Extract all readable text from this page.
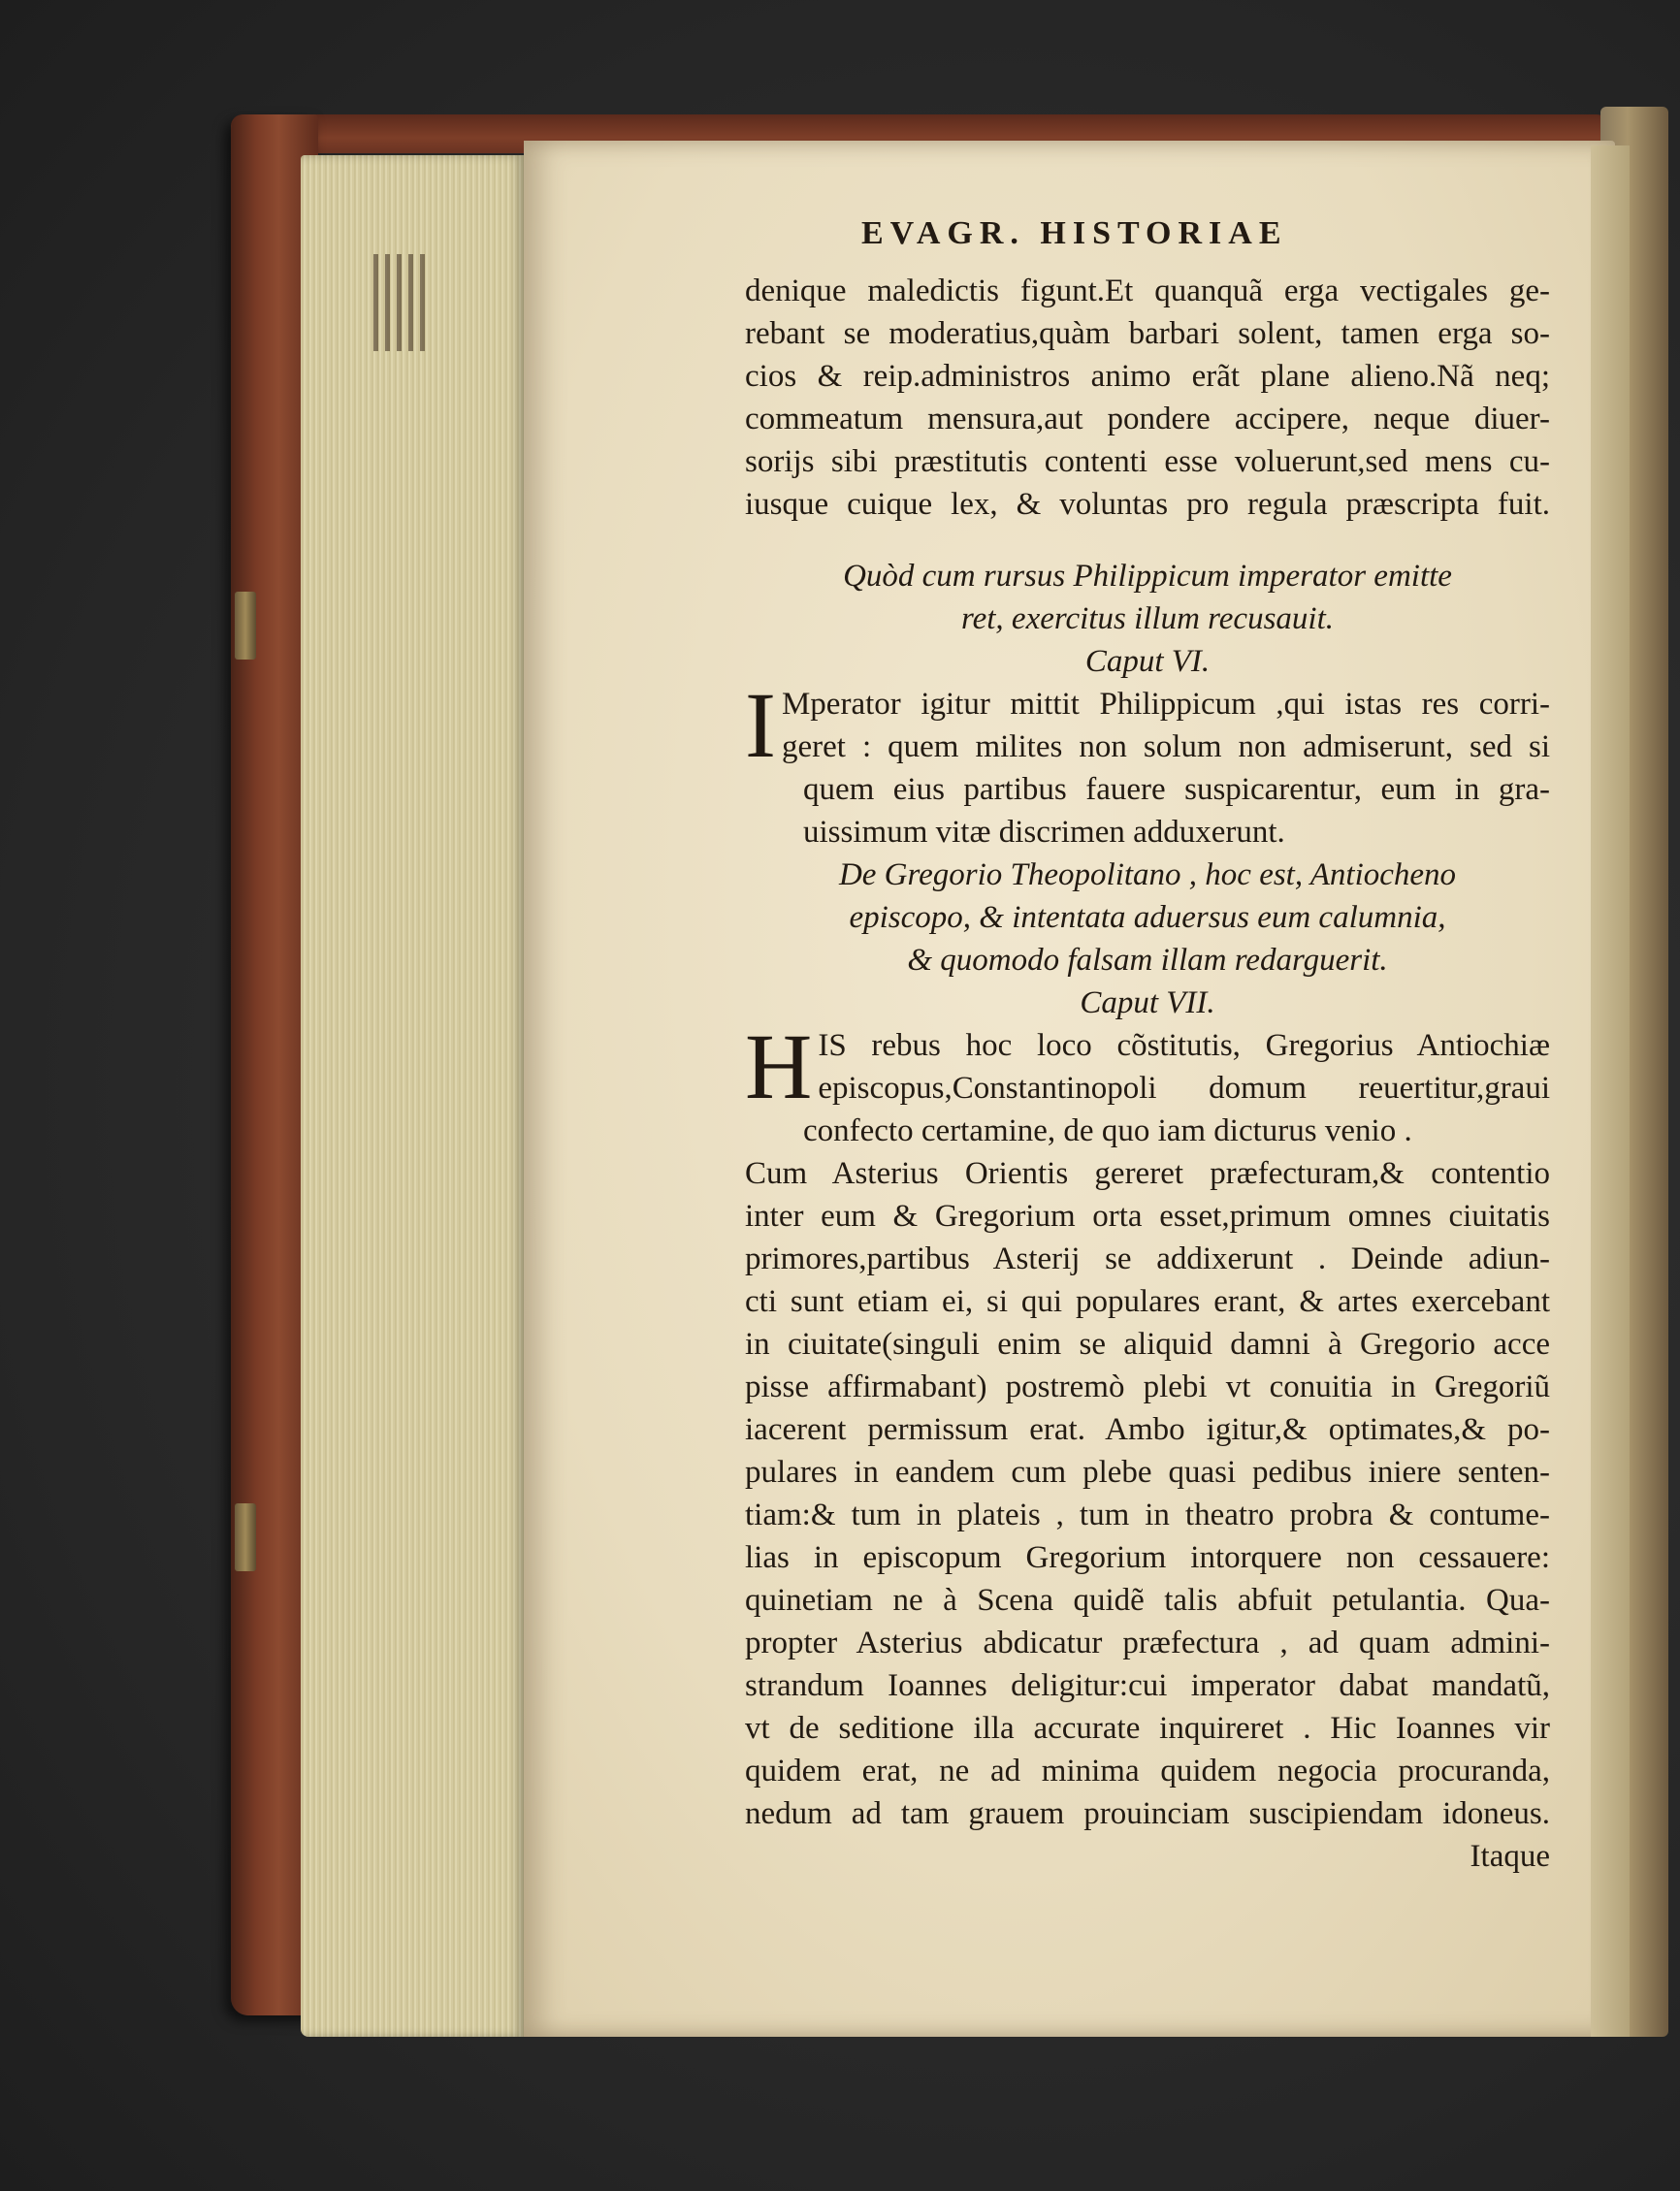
EVAGR. HISTORIAE
denique maledictis figunt.Et quanquã erga vectigales ge-
rebant se moderatius,quàm barbari solent, tamen erga so-
cios & reip.administros animo erãt plane alieno.Nã neq;
commeatum mensura,aut pondere accipere, neque diuer-
sorijs sibi præstitutis contenti esse voluerunt,sed mens cu-
iusque cuique lex, & voluntas pro regula præscripta fuit.
Quòd cum rursus Philippicum imperator emitte
ret, exercitus illum recusauit.
Caput VI.
I Mperator igitur mittit Philippicum ,qui istas res corri-
geret : quem milites non solum non admiserunt, sed si
quem eius partibus fauere suspicarentur, eum in gra-
uissimum vitæ discrimen adduxerunt.
De Gregorio Theopolitano , hoc est, Antiocheno
episcopo, & intentata aduersus eum calumnia,
& quomodo falsam illam redarguerit.
Caput VII.
H IS rebus hoc loco cõstitutis, Gregorius Antiochiæ
episcopus,Constantinopoli domum reuertitur,graui
confecto certamine, de quo iam dicturus venio .
Cum Asterius Orientis gereret præfecturam,& contentio
inter eum & Gregorium orta esset,primum omnes ciuitatis
primores,partibus Asterij se addixerunt . Deinde adiun-
cti sunt etiam ei, si qui populares erant, & artes exercebant
in ciuitate(singuli enim se aliquid damni à Gregorio acce
pisse affirmabant) postremò plebi vt conuitia in Gregoriũ
iacerent permissum erat. Ambo igitur,& optimates,& po-
pulares in eandem cum plebe quasi pedibus iniere senten-
tiam:& tum in plateis , tum in theatro probra & contume-
lias in episcopum Gregorium intorquere non cessauere:
quinetiam ne à Scena quidẽ talis abfuit petulantia. Qua-
propter Asterius abdicatur præfectura , ad quam admini-
strandum Ioannes deligitur:cui imperator dabat mandatũ,
vt de seditione illa accurate inquireret . Hic Ioannes vir
quidem erat, ne ad minima quidem negocia procuranda,
nedum ad tam grauem prouinciam suscipiendam idoneus.
Itaque
